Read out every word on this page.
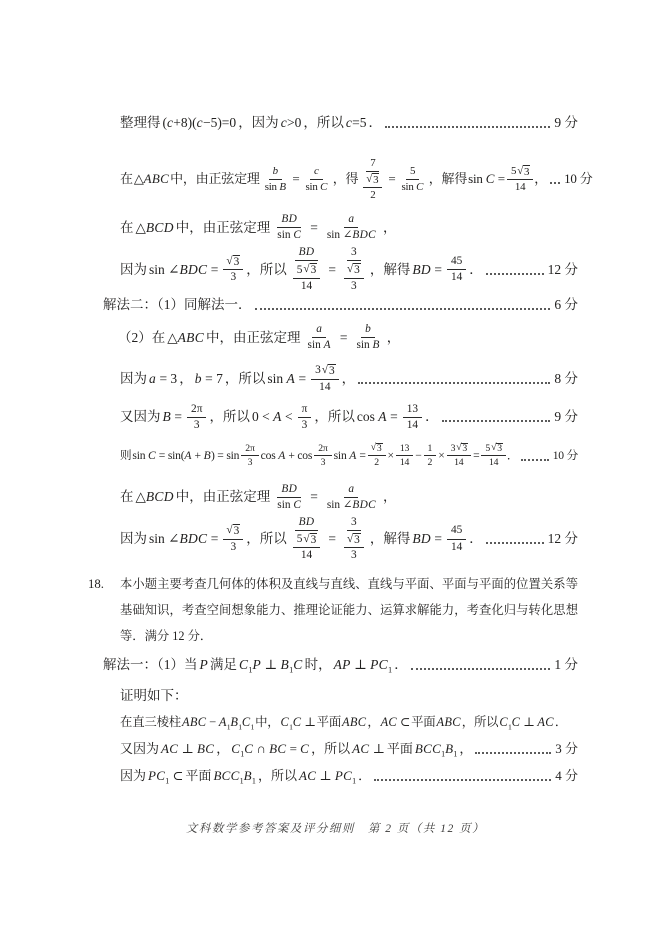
整理得 (c+8)(c−5)=0 ，因为 c>0 ，所以 c=5 ．	9 分
在 △ABC 中，由正弦定理 $\frac{b}{\text{sin B}} = \frac{c}{\text{sin C}}$ ，得 $\frac{7}{\frac{√ 3}{2}} = \frac{5}{\text{sin C}}$ ，解得 $\sin C = \frac{5 √ 3}{14}$ ， 10 分
在 △BCD 中，由正弦定理 $\frac{BD}{\text{sin C}} = \frac{a}{\text{sin ∠BDC}}$ ，
因为 sin ∠BDC = $\frac{√ 3}{3}$ ，所以 $\frac{BD}{\frac{5 √ 3}{14}} = \frac{3}{\frac{√ 3}{3}}$ ，解得 BD = $\frac{45}{14}$ ．	12 分
解法二：（1）同解法一．	6 分
（2）在 △ABC 中，由正弦定理 $\frac{a}{\text{sin A}} = \frac{b}{\text{sin B}}$ ，
因为 a = 3 ， b = 7 ，所以 $\sin A = \frac{3 √ 3}{14}$ ，	8 分
又因为 $B = \frac{2\pi}{3}$ ，所以 $0 < A < \frac{\pi}{3}$ ，所以 $\cos A = \frac{13}{14}$ ．	9 分
则 $\sin C = \sin(A + B) = \sin \frac{2\pi}{3}$ $\cos A + \cos \frac{2\pi}{3}$ $\sin A = \frac{√ 3}{2} \times \frac{13}{14} - \frac{1}{2} \times \frac{3 √ 3}{14} = \frac{5 √ 3}{14}$ ．	10 分
在 △BCD 中，由正弦定理 $\frac{BD}{\text{sin C}} = \frac{a}{\text{sin ∠BDC}}$ ，
因为 sin ∠BDC = $\frac{√ 3}{3}$ ，所以 $\frac{BD}{\frac{5 √ 3}{14}} = \frac{3}{\frac{√ 3}{3}}$ ，解得 BD = $\frac{45}{14}$ ．	12 分
18. 本小题主要考查几何体的体积及直线与直线、直线与平面、平面与平面的位置关系等
基础知识，考查空间想象能力、推理论证能力、运算求解能力，考查化归与转化思想
等．满分 12 分．
解法一：（1）当 P 满足 $C_1P$ ⊥ $B_1C$ 时， AP ⊥ $PC_1$ ．	1 分
证明如下：
在直三棱柱 ABC − $A_1B_1C_1$ 中， $C_1C$ ⊥ 平面 ABC ， AC ⊂ 平面 ABC ，所以 $C_1C$ ⊥ AC ．
又因为 AC ⊥ BC ， $C_1C$ ∩ BC = C ，所以 AC ⊥ 平面 $BCC_1B_1$ ，	3 分
因为 $PC_1$ ⊂ 平面 $BCC_1B_1$ ，所以 AC ⊥ $PC_1$ ．	4 分
文科数学参考答案及评分细则　第 2 页（共 12 页）
